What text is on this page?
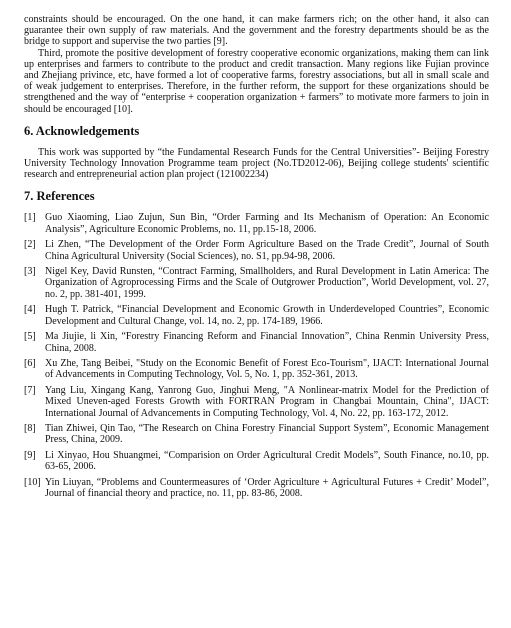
constraints should be encouraged. On the one hand, it can make farmers rich; on the other hand, it also can guarantee their own supply of raw materials. And the government and the forestry departments should be as the bridge to support and supervise the two parties [9].

Third, promote the positive development of forestry cooperative economic organizations, making them can link up enterprises and farmers to contribute to the product and credit transaction. Many regions like Fujian province and Zhejiang privince, etc, have formed a lot of cooperative farms, forestry associations, but all in small scale and of weak judgement to enterprises. Therefore, in the further reform, the support for these organizations should be strengthened and the way of “enterprise + cooperation organization + farmers” to motivate more farmers to join in should be encouraged [10].

6. Acknowledgements

This work was supported by “the Fundamental Research Funds for the Central Universities”- Beijing Forestry University Technology Innovation Programme team project (No.TD2012-06), Beijing college students' scientific research and entrepreneurial action plan project (121002234)

7. References
[1] Guo Xiaoming, Liao Zujun, Sun Bin, “Order Farming and Its Mechanism of Operation: An Economic Analysis”, Agriculture Economic Problems, no. 11, pp.15-18, 2006.
[2] Li Zhen, “The Development of the Order Form Agriculture Based on the Trade Credit”, Journal of South China Agricultural University (Social Sciences), no. S1, pp.94-98, 2006.
[3] Nigel Key, David Runsten, “Contract Farming, Smallholders, and Rural Development in Latin America: The Organization of Agroprocessing Firms and the Scale of Outgrower Production”, World Development, vol. 27, no. 2, pp. 381-401, 1999.
[4] Hugh T. Patrick, “Financial Development and Economic Growth in Underdeveloped Countries”, Economic Development and Cultural Change, vol. 14, no. 2, pp. 174-189, 1966.
[5] Ma Jiujie, li Xin, “Forestry Financing Reform and Financial Innovation”, China Renmin University Press, China, 2008.
[6] Xu Zhe, Tang Beibei, "Study on the Economic Benefit of Forest Eco-Tourism", IJACT: International Journal of Advancements in Computing Technology, Vol. 5, No. 1, pp. 352-361, 2013.
[7] Yang Liu, Xingang Kang, Yanrong Guo, Jinghui Meng, "A Nonlinear-matrix Model for the Prediction of Mixed Uneven-aged Forests Growth with FORTRAN Program in Changbai Mountain, China", IJACT: International Journal of Advancements in Computing Technology, Vol. 4, No. 22, pp. 163-172, 2012.
[8] Tian Zhiwei, Qin Tao, “The Research on China Forestry Financial Support System”, Economic Management Press, China, 2009.
[9] Li Xinyao, Hou Shuangmei, “Comparision on Order Agricultural Credit Models”, South Finance, no.10, pp. 63-65, 2006.
[10] Yin Liuyan, “Problems and Countermeasures of ‘Order Agriculture + Agricultural Futures + Credit’ Model”, Journal of financial theory and practice, no. 11, pp. 83-86, 2008.
